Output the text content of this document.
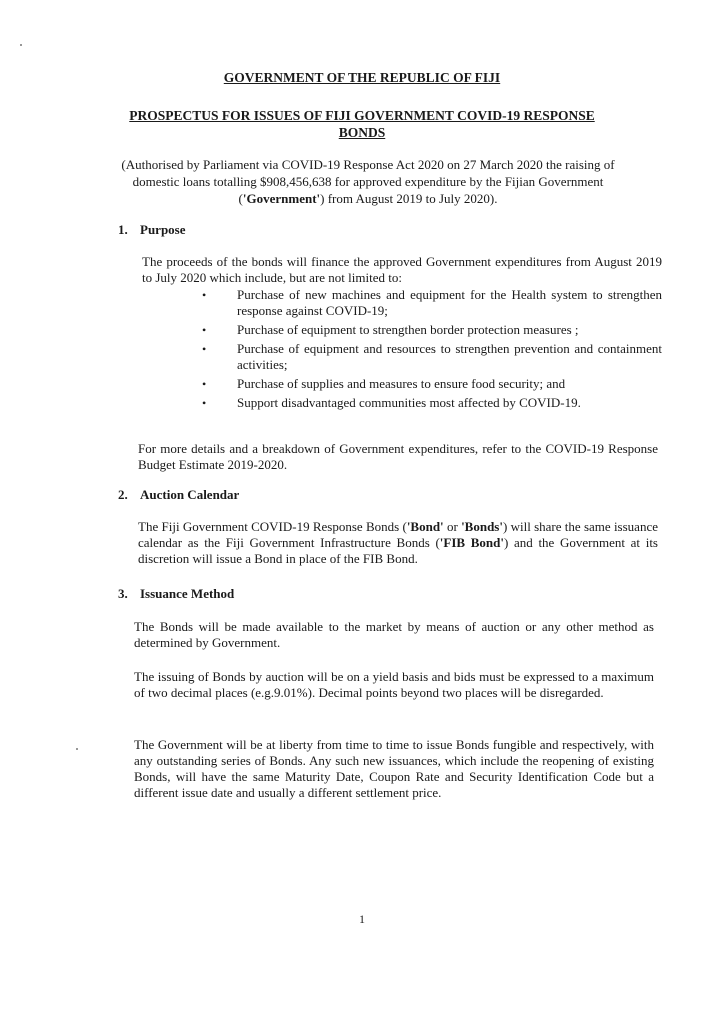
GOVERNMENT OF THE REPUBLIC OF FIJI
PROSPECTUS FOR ISSUES OF FIJI GOVERNMENT COVID-19 RESPONSE
BONDS
(Authorised by Parliament via COVID-19 Response Act 2020 on 27 March 2020 the raising of domestic loans totalling $908,456,638 for approved expenditure by the Fijian Government ('Government') from August 2019 to July 2020).
1. Purpose
The proceeds of the bonds will finance the approved Government expenditures from August 2019 to July 2020 which include, but are not limited to:
• Purchase of new machines and equipment for the Health system to strengthen response against COVID-19;
• Purchase of equipment to strengthen border protection measures ;
• Purchase of equipment and resources to strengthen prevention and containment activities;
• Purchase of supplies and measures to ensure food security; and
• Support disadvantaged communities most affected by COVID-19.
For more details and a breakdown of Government expenditures, refer to the COVID-19 Response Budget Estimate 2019-2020.
2. Auction Calendar
The Fiji Government COVID-19 Response Bonds ('Bond' or 'Bonds') will share the same issuance calendar as the Fiji Government Infrastructure Bonds ('FIB Bond') and the Government at its discretion will issue a Bond in place of the FIB Bond.
3. Issuance Method
The Bonds will be made available to the market by means of auction or any other method as determined by Government.
The issuing of Bonds by auction will be on a yield basis and bids must be expressed to a maximum of two decimal places (e.g.9.01%). Decimal points beyond two places will be disregarded.
The Government will be at liberty from time to time to issue Bonds fungible and respectively, with any outstanding series of Bonds. Any such new issuances, which include the reopening of existing Bonds, will have the same Maturity Date, Coupon Rate and Security Identification Code but a different issue date and usually a different settlement price.
1
